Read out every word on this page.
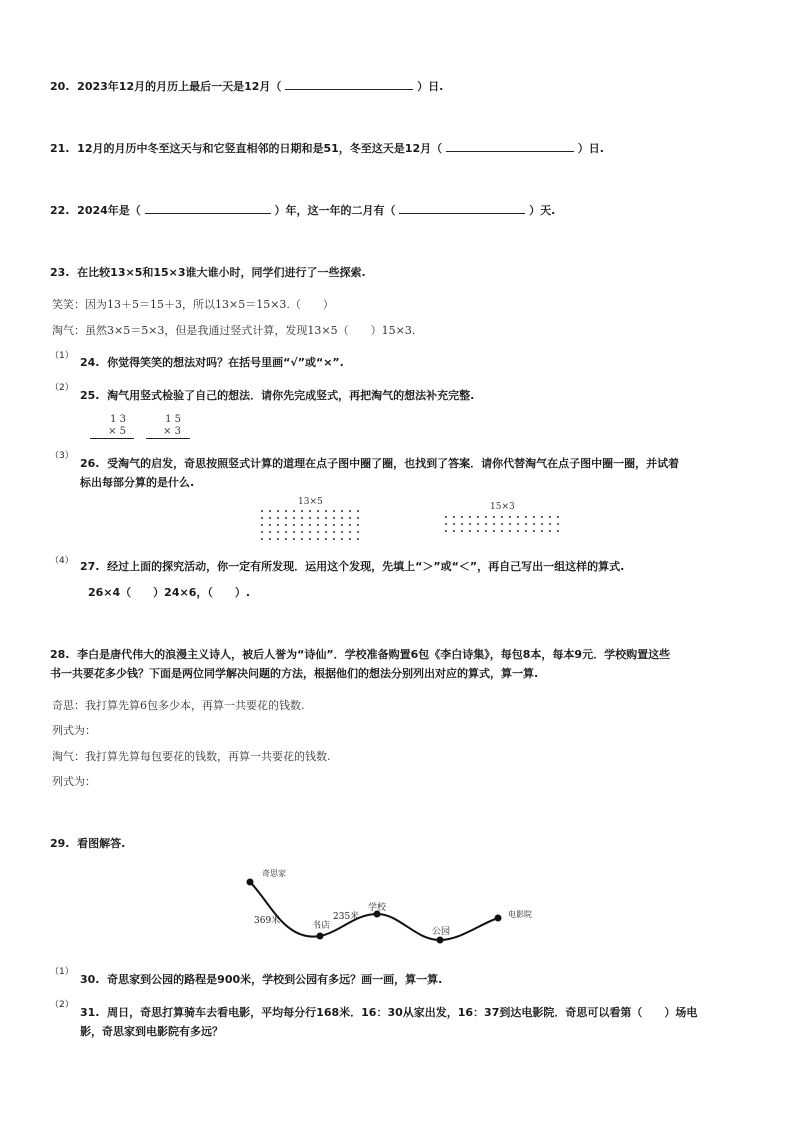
20. 2023年12月的月历上最后一天是12月（	）日.
21. 12月的月历中冬至这天与和它竖直相邻的日期和是51，冬至这天是12月（	）日.
22. 2024年是（	）年，这一年的二月有（	）天.
23. 在比较13×5和15×3谁大谁小时，同学们进行了一些探索.
笑笑：因为13＋5＝15＋3，所以13×5＝15×3.（　　）
淘气：虽然3×5＝5×3，但是我通过竖式计算，发现13×5（　　）15×3.
（1） 24. 你觉得笑笑的想法对吗？在括号里画“√”或“×”.
（2）
25. 淘气用竖式检验了自己的想法．请你先完成竖式，再把淘气的想法补充完整.
1 3
× 5
1 5
× 3
（3）
26. 受淘气的启发，奇思按照竖式计算的道理在点子图中圈了圈，也找到了答案．请你代替淘气在点子图中圈一圈，并试着
标出每部分算的是什么.
13×5	15×3
（4） 27. 经过上面的探究活动，你一定有所发现．运用这个发现，先填上“＞”或“＜”，再自己写出一组这样的算式.
26×4（　　）24×6，（　　）.
28. 李白是唐代伟大的浪漫主义诗人，被后人誉为“诗仙”．学校准备购置6包《李白诗集》，每包8本，每本9元．学校购置这些
书一共要花多少钱？下面是两位同学解决问题的方法，根据他们的想法分别列出对应的算式，算一算.
奇思：我打算先算6包多少本，再算一共要花的钱数.
列式为：
淘气：我打算先算每包要花的钱数，再算一共要花的钱数.
列式为：
29. 看图解答.
奇思家
369米	书店
235米
学校
公园
电影院
（1）
30. 奇思家到公园的路程是900米，学校到公园有多远？画一画，算一算.
（2）
31. 周日，奇思打算骑车去看电影，平均每分行168米．16：30从家出发，16：37到达电影院．奇思可以看第（　　）场电
影，奇思家到电影院有多远？
